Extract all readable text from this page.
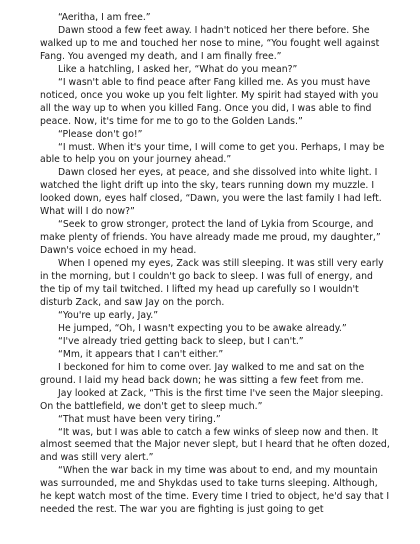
“Aeritha, I am free.”

Dawn stood a few feet away. I hadn't noticed her there before. She walked up to me and touched her nose to mine, “You fought well against Fang. You avenged my death, and I am finally free.”

Like a hatchling, I asked her, “What do you mean?”

“I wasn't able to find peace after Fang killed me. As you must have noticed, once you woke up you felt lighter. My spirit had stayed with you all the way up to when you killed Fang. Once you did, I was able to find peace. Now, it's time for me to go to the Golden Lands.”

“Please don't go!”

“I must. When it's your time, I will come to get you. Perhaps, I may be able to help you on your journey ahead.”

Dawn closed her eyes, at peace, and she dissolved into white light. I watched the light drift up into the sky, tears running down my muzzle. I looked down, eyes half closed, “Dawn, you were the last family I had left. What will I do now?”

“Seek to grow stronger, protect the land of Lykia from Scourge, and make plenty of friends. You have already made me proud, my daughter,” Dawn's voice echoed in my head.

When I opened my eyes, Zack was still sleeping. It was still very early in the morning, but I couldn't go back to sleep. I was full of energy, and the tip of my tail twitched. I lifted my head up carefully so I wouldn't disturb Zack, and saw Jay on the porch.

“You're up early, Jay.”

He jumped, “Oh, I wasn't expecting you to be awake already.”

“I've already tried getting back to sleep, but I can't.”

“Mm, it appears that I can't either.”

I beckoned for him to come over. Jay walked to me and sat on the ground. I laid my head back down; he was sitting a few feet from me.

Jay looked at Zack, “This is the first time I've seen the Major sleeping. On the battlefield, we don't get to sleep much.”

“That must have been very tiring.”

“It was, but I was able to catch a few winks of sleep now and then. It almost seemed that the Major never slept, but I heard that he often dozed, and was still very alert.”

“When the war back in my time was about to end, and my mountain was surrounded, me and Shykdas used to take turns sleeping. Although, he kept watch most of the time. Every time I tried to object, he'd say that I needed the rest. The war you are fighting is just going to get
